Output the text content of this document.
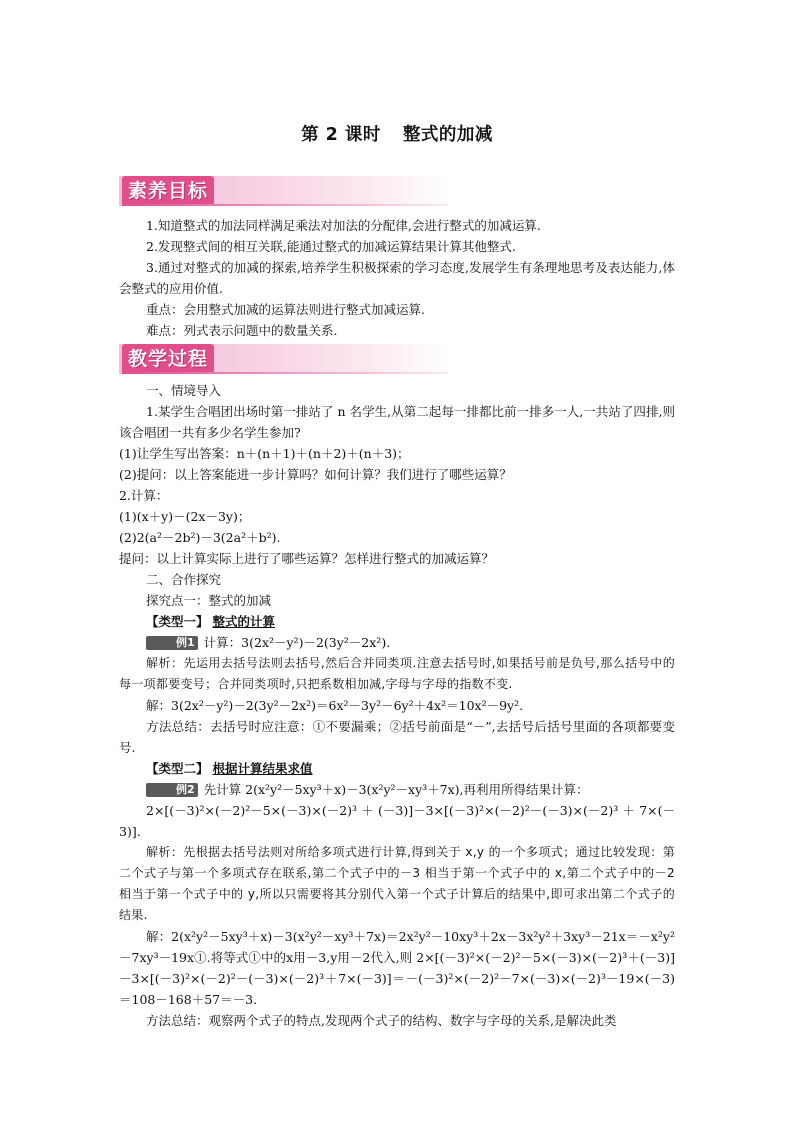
第 2 课时 整式的加减
素养目标

1.知道整式的加法同样满足乘法对加法的分配律,会进行整式的加减运算.

2.发现整式间的相互关联,能通过整式的加减运算结果计算其他整式.

3.通过对整式的加减的探索,培养学生积极探索的学习态度,发展学生有条理地思考及表达能力,体会整式的应用价值.

重点：会用整式加减的运算法则进行整式加减运算.

难点：列式表示问题中的数量关系.

教学过程

一、情境导入

1.某学生合唱团出场时第一排站了 n 名学生,从第二起每一排都比前一排多一人,一共站了四排,则该合唱团一共有多少名学生参加?

(1)让学生写出答案：n＋(n＋1)＋(n＋2)＋(n＋3)；

(2)提问：以上答案能进一步计算吗？如何计算？我们进行了哪些运算？

2.计算：

(1)(x＋y)－(2x－3y)；

(2)2(a²－2b²)－3(2a²＋b²).

提问：以上计算实际上进行了哪些运算？怎样进行整式的加减运算？

二、合作探究

探究点一：整式的加减

【类型一】 整式的计算

例1 计算：3(2x²－y²)－2(3y²－2x²).

解析：先运用去括号法则去括号,然后合并同类项.注意去括号时,如果括号前是负号,那么括号中的每一项都要变号；合并同类项时,只把系数相加减,字母与字母的指数不变.

解：3(2x²－y²)－2(3y²－2x²)＝6x²－3y²－6y²＋4x²＝10x²－9y².

方法总结：去括号时应注意：①不要漏乘；②括号前面是“－”,去括号后括号里面的各项都要变号.

【类型二】 根据计算结果求值

例2 先计算 2(x²y²－5xy³＋x)－3(x²y²－xy³＋7x),再利用所得结果计算：

2×[(－3)²×(－2)²－5×(－3)×(－2)³＋(－3)]－3×[(－3)²×(－2)²－(－3)×(－2)³＋7×(－3)].

解析：先根据去括号法则对所给多项式进行计算,得到关于 x,y 的一个多项式；通过比较发现：第二个式子与第一个多项式存在联系,第二个式子中的－3 相当于第一个式子中的 x,第二个式子中的－2 相当于第一个式子中的 y,所以只需要将其分别代入第一个式子计算后的结果中,即可求出第二个式子的结果.

解：2(x²y²－5xy³＋x)－3(x²y²－xy³＋7x)＝2x²y²－10xy³＋2x－3x²y²＋3xy³－21x＝－x²y²－7xy³－19x①.将等式①中的x用－3,y用－2代入,则 2×[(－3)²×(－2)²－5×(－3)×(－2)³＋(－3)]－3×[(－3)²×(－2)²－(－3)×(－2)³＋7×(－3)]＝－(－3)²×(－2)²－7×(－3)×(－2)³－19×(－3)＝108－168＋57＝－3.

方法总结：观察两个式子的特点,发现两个式子的结构、数字与字母的关系,是解决此类
